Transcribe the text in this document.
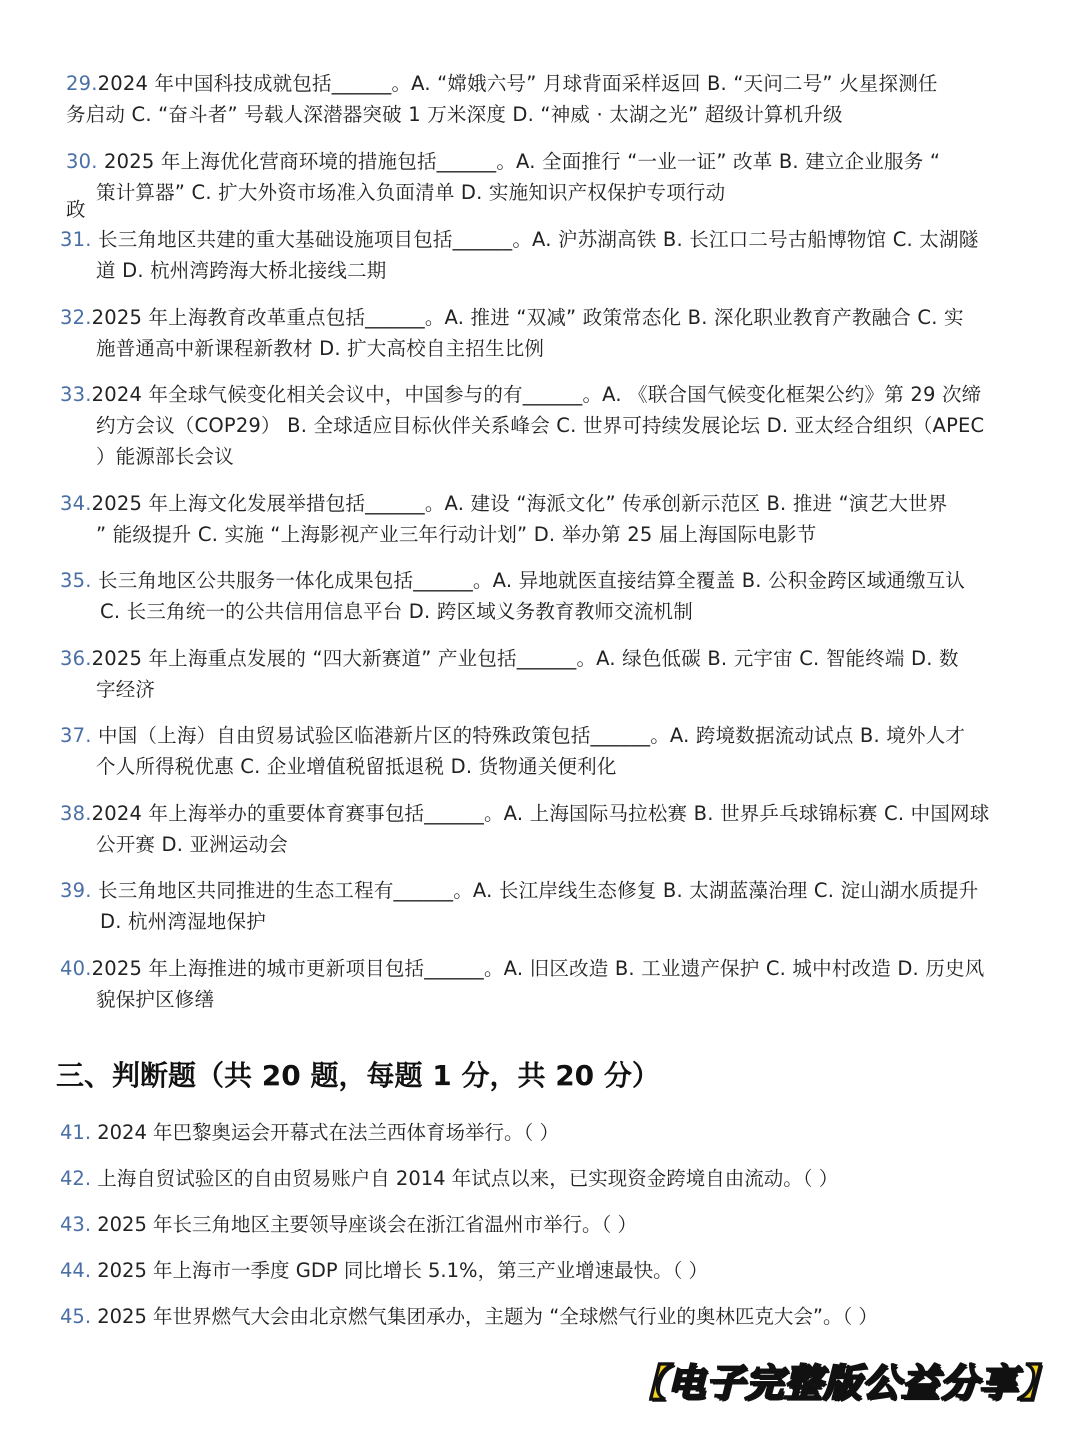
29.2024 年中国科技成就包括______。A. “嫦娥六号” 月球背面采样返回 B. “天问二号” 火星探测任
务启动 C. “奋斗者” 号载人深潜器突破 1 万米深度 D. “神威 · 太湖之光” 超级计算机升级
30. 2025 年上海优化营商环境的措施包括______。A. 全面推行 “一业一证” 改革 B. 建立企业服务 “
策计算器” C. 扩大外资市场准入负面清单 D. 实施知识产权保护专项行动
政
31. 长三角地区共建的重大基础设施项目包括______。A. 沪苏湖高铁 B. 长江口二号古船博物馆 C. 太湖隧
道 D. 杭州湾跨海大桥北接线二期
32.2025 年上海教育改革重点包括______。A. 推进 “双减” 政策常态化 B. 深化职业教育产教融合 C. 实
施普通高中新课程新教材 D. 扩大高校自主招生比例
33.2024 年全球气候变化相关会议中，中国参与的有______。A. 《联合国气候变化框架公约》第 29 次缔
约方会议（COP29） B. 全球适应目标伙伴关系峰会 C. 世界可持续发展论坛 D. 亚太经合组织（APEC
）能源部长会议
34.2025 年上海文化发展举措包括______。A. 建设 “海派文化” 传承创新示范区 B. 推进 “演艺大世界
” 能级提升 C. 实施 “上海影视产业三年行动计划” D. 举办第 25 届上海国际电影节
35. 长三角地区公共服务一体化成果包括______。A. 异地就医直接结算全覆盖 B. 公积金跨区域通缴互认
C. 长三角统一的公共信用信息平台 D. 跨区域义务教育教师交流机制
36.2025 年上海重点发展的 “四大新赛道” 产业包括______。A. 绿色低碳 B. 元宇宙 C. 智能终端 D. 数
字经济
37. 中国（上海）自由贸易试验区临港新片区的特殊政策包括______。A. 跨境数据流动试点 B. 境外人才
个人所得税优惠 C. 企业增值税留抵退税 D. 货物通关便利化
38.2024 年上海举办的重要体育赛事包括______。A. 上海国际马拉松赛 B. 世界乒乓球锦标赛 C. 中国网球
公开赛 D. 亚洲运动会
39. 长三角地区共同推进的生态工程有______。A. 长江岸线生态修复 B. 太湖蓝藻治理 C. 淀山湖水质提升
D. 杭州湾湿地保护
40.2025 年上海推进的城市更新项目包括______。A. 旧区改造 B. 工业遗产保护 C. 城中村改造 D. 历史风
貌保护区修缮
三、判断题（共 20 题，每题 1 分，共 20 分）
41. 2024 年巴黎奥运会开幕式在法兰西体育场举行。（ ）
42. 上海自贸试验区的自由贸易账户自 2014 年试点以来，已实现资金跨境自由流动。（ ）
43. 2025 年长三角地区主要领导座谈会在浙江省温州市举行。（ ）
44. 2025 年上海市一季度 GDP 同比增长 5.1%，第三产业增速最快。（ ）
45. 2025 年世界燃气大会由北京燃气集团承办，主题为 “全球燃气行业的奥林匹克大会”。（ ）
【电子完整版公益分享】
